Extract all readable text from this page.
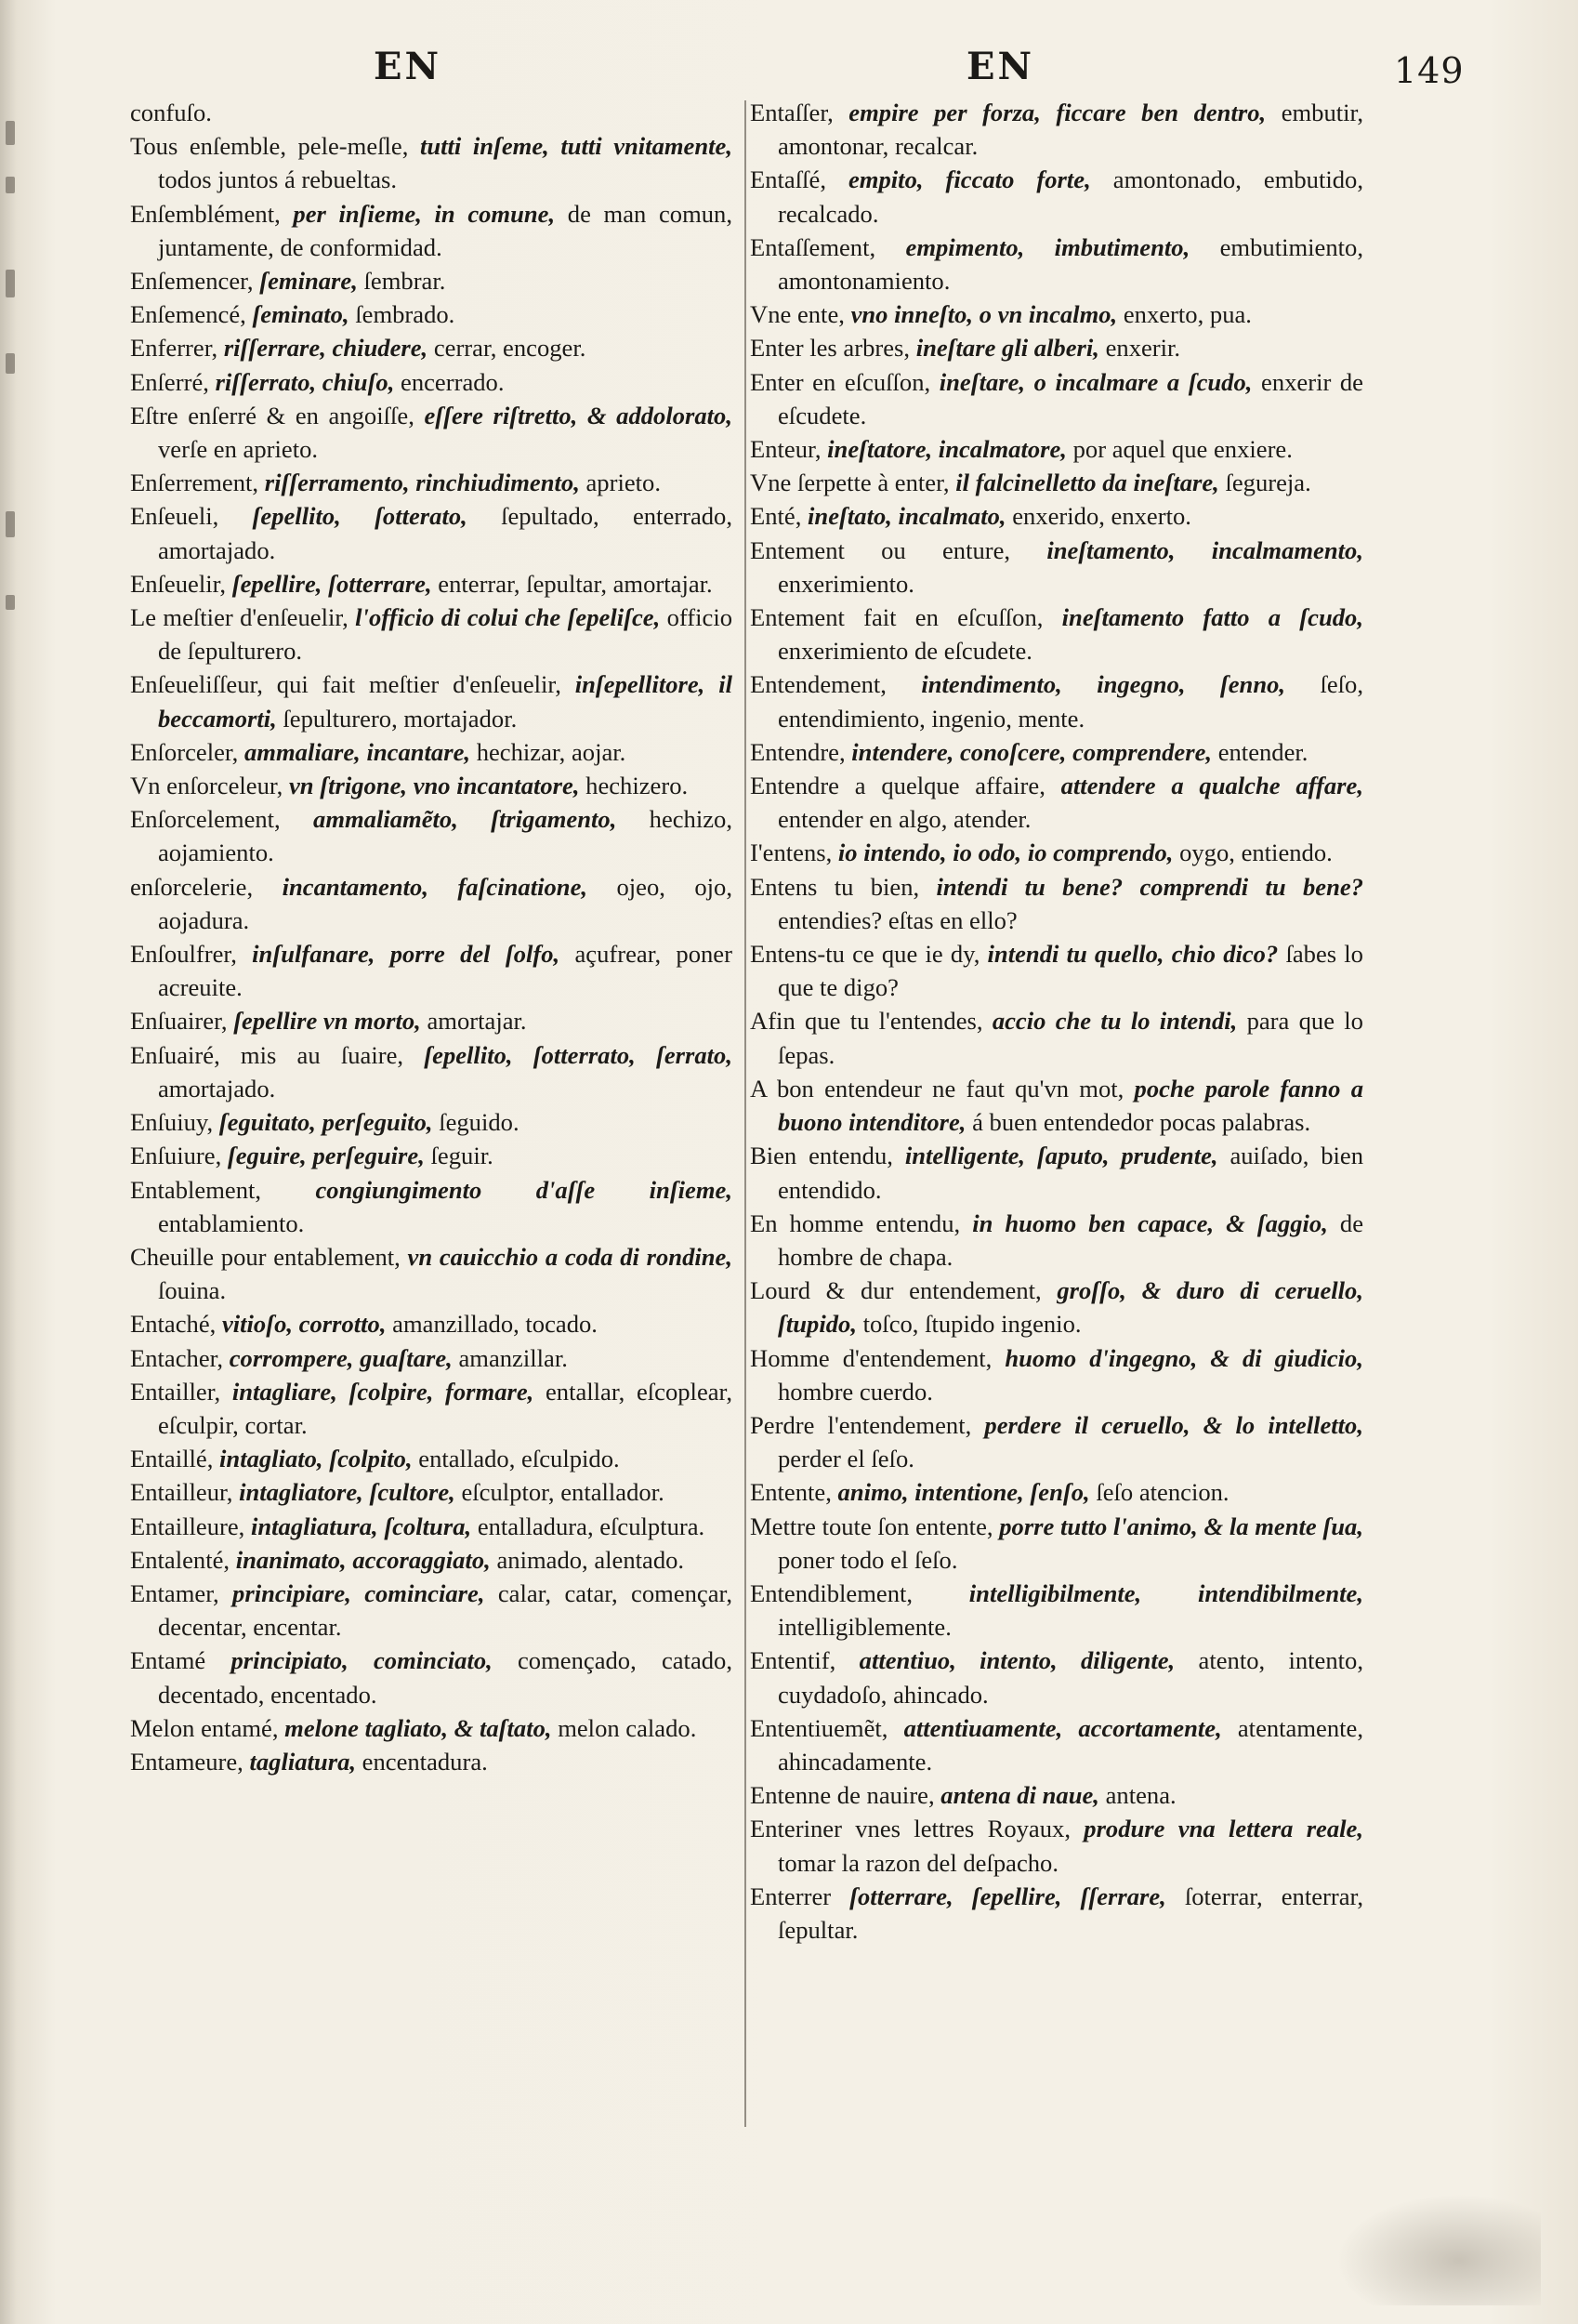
EN	EN	149

confuſo.

Tous enſemble, pele-meſle, tutti inſeme, tutti vnitamente, todos juntos á rebueltas.

Enſemblément, per inſieme, in comune, de man comun, juntamente, de conformidad.

Enſemencer, ſeminare, ſembrar.

Enſemencé, ſeminato, ſembrado.

Enferrer, riſſerrare, chiudere, cerrar, encoger.

Enſerré, riſſerrato, chiuſo, encerrado.

Eſtre enſerré & en angoiſſe, eſſere riſtretto, & addolorato, verſe en aprieto.

Enſerrement, riſſerramento, rinchiudimento, aprieto.

Enſeueli, ſepellito, ſotterato, ſepultado, enterrado, amortajado.

Enſeuelir, ſepellire, ſotterrare, enterrar, ſepultar, amortajar.

Le meſtier d'enſeuelir, l'officio di colui che ſepeliſce, officio de ſepulturero.

Enſeueliſſeur, qui fait meſtier d'enſeuelir, inſepellitore, il beccamorti, ſepulturero, mortajador.

Enſorceler, ammaliare, incantare, hechizar, aojar.

Vn enſorceleur, vn ſtrigone, vno incantatore, hechizero.

Enſorcelement, ammaliamẽto, ſtrigamento, hechizo, aojamiento.

enſorcelerie, incantamento, faſcinatione, ojeo, ojo, aojadura.

Enſoulfrer, inſulfanare, porre del ſolfo, açufrear, poner acreuite.

Enſuairer, ſepellire vn morto, amortajar.

Enſuairé, mis au ſuaire, ſepellito, ſotterrato, ſerrato, amortajado.

Enſuiuy, ſeguitato, perſeguito, ſeguido.

Enſuiure, ſeguire, perſeguire, ſeguir.

Entablement, congiungimento d'aſſe inſieme, entablamiento.

Cheuille pour entablement, vn cauicchio a coda di rondine, ſouina.

Entaché, vitioſo, corrotto, amanzillado, tocado.

Entacher, corrompere, guaſtare, amanzillar.

Entailler, intagliare, ſcolpire, formare, entallar, eſcoplear, eſculpir, cortar.

Entaillé, intagliato, ſcolpito, entallado, eſculpido.

Entailleur, intagliatore, ſcultore, eſculptor, entallador.

Entailleure, intagliatura, ſcoltura, entalladura, eſculptura.

Entalenté, inanimato, accoraggiato, animado, alentado.

Entamer, principiare, cominciare, calar, catar, començar, decentar, encentar.

Entamé principiato, cominciato, començado, catado, decentado, encentado.

Melon entamé, melone tagliato, & taſtato, melon calado.

Entameure, tagliatura, encentadura.

Entaſſer, empire per forza, ficcare ben dentro, embutir, amontonar, recalcar.

Entaſſé, empito, ficcato forte, amontonado, embutido, recalcado.

Entaſſement, empimento, imbutimento, embutimiento, amontonamiento.

Vne ente, vno inneſto, o vn incalmo, enxerto, pua.

Enter les arbres, ineſtare gli alberi, enxerir.

Enter en eſcuſſon, ineſtare, o incalmare a ſcudo, enxerir de eſcudete.

Enteur, ineſtatore, incalmatore, por aquel que enxiere.

Vne ſerpette à enter, il falcinelletto da ineſtare, ſegureja.

Enté, ineſtato, incalmato, enxerido, enxerto.

Entement ou enture, ineſtamento, incalmamento, enxerimiento.

Entement fait en eſcuſſon, ineſtamento fatto a ſcudo, enxerimiento de eſcudete.

Entendement, intendimento, ingegno, ſenno, ſeſo, entendimiento, ingenio, mente.

Entendre, intendere, conoſcere, comprendere, entender.

Entendre a quelque affaire, attendere a qualche affare, entender en algo, atender.

I'entens, io intendo, io odo, io comprendo, oygo, entiendo.

Entens tu bien, intendi tu bene? comprendi tu bene? entendies? eſtas en ello?

Entens-tu ce que ie dy, intendi tu quello, chio dico? ſabes lo que te digo?

Afin que tu l'entendes, accio che tu lo intendi, para que lo ſepas.

A bon entendeur ne faut qu'vn mot, poche parole fanno a buono intenditore, á buen entendedor pocas palabras.

Bien entendu, intelligente, ſaputo, prudente, auiſado, bien entendido.

En homme entendu, in huomo ben capace, & ſaggio, de hombre de chapa.

Lourd & dur entendement, groſſo, & duro di ceruello, ſtupido, toſco, ſtupido ingenio.

Homme d'entendement, huomo d'ingegno, & di giudicio, hombre cuerdo.

Perdre l'entendement, perdere il ceruello, & lo intelletto, perder el ſeſo.

Entente, animo, intentione, ſenſo, ſeſo atencion.

Mettre toute ſon entente, porre tutto l'animo, & la mente ſua, poner todo el ſeſo.

Entendiblement, intelligibilmente, intendibilmente, intelligiblemente.

Ententif, attentiuo, intento, diligente, atento, intento, cuydadoſo, ahincado.

Ententiuemẽt, attentiuamente, accortamente, atentamente, ahincadamente.

Entenne de nauire, antena di naue, antena.

Enteriner vnes lettres Royaux, produre vna lettera reale, tomar la razon del deſpacho.

Enterrer ſotterrare, ſepellire, ſſerrare, ſoterrar, enterrar, ſepultar.
